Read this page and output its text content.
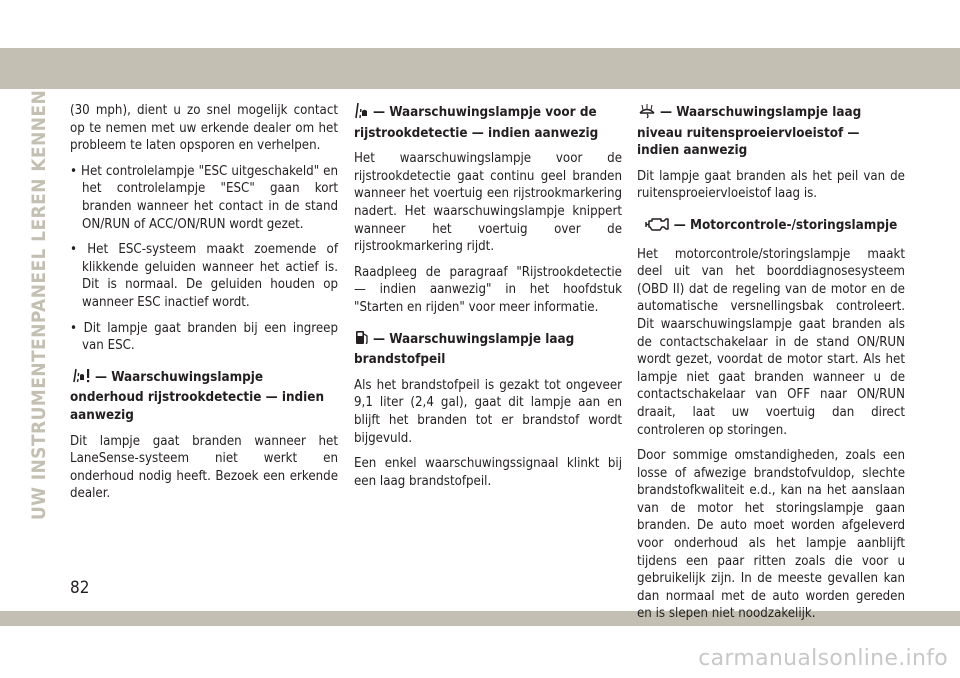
UW INSTRUMENTENPANEEL LEREN KENNEN (30 mph), dient u zo snel mogelijk contact op te nemen met uw erkende dealer om het probleem te laten opsporen en verhelpen.

• Het controlelampje "ESC uitgeschakeld" en het controlelampje "ESC" gaan kort branden wanneer het contact in de stand ON/RUN of ACC/ON/RUN wordt gezet.

• Het ESC-systeem maakt zoemende of klikkende geluiden wanneer het actief is. Dit is normaal. De geluiden houden op wanneer ESC inactief wordt.

• Dit lampje gaat branden bij een ingreep van ESC.

— Waarschuwingslampje onderhoud rijstrookdetectie — indien aanwezig

Dit lampje gaat branden wanneer het LaneSense-systeem niet werkt en onderhoud nodig heeft. Bezoek een erkende dealer.

— Waarschuwingslampje voor de rijstrookdetectie — indien aanwezig

Het waarschuwingslampje voor de rijstrookdetectie gaat continu geel branden wanneer het voertuig een rijstrookmarkering nadert. Het waarschuwingslampje knippert wanneer het voertuig over de rijstrookmarkering rijdt.

Raadpleeg de paragraaf "Rijstrookdetectie — indien aanwezig" in het hoofdstuk "Starten en rijden" voor meer informatie.

— Waarschuwingslampje laag brandstofpeil

Als het brandstofpeil is gezakt tot ongeveer 9,1 liter (2,4 gal), gaat dit lampje aan en blijft het branden tot er brandstof wordt bijgevuld.

Een enkel waarschuwingssignaal klinkt bij een laag brandstofpeil.

— Waarschuwingslampje laag niveau ruitensproeiervloeistof — indien aanwezig

Dit lampje gaat branden als het peil van de ruitensproeiervloeistof laag is.

— Motorcontrole-/storingslampje

Het motorcontrole/storingslampje maakt deel uit van het boorddiagnosesysteem (OBD II) dat de regeling van de motor en de automatische versnellingsbak controleert. Dit waarschuwingslampje gaat branden als de contactschakelaar in de stand ON/RUN wordt gezet, voordat de motor start. Als het lampje niet gaat branden wanneer u de contactschakelaar van OFF naar ON/RUN draait, laat uw voertuig dan direct controleren op storingen.

Door sommige omstandigheden, zoals een losse of afwezige brandstofvuldop, slechte brandstofkwaliteit e.d., kan na het aanslaan van de motor het storingslampje gaan branden. De auto moet worden afgeleverd voor onderhoud als het lampje aanblijft tijdens een paar ritten zoals die voor u gebruikelijk zijn. In de meeste gevallen kan dan normaal met de auto worden gereden en is slepen niet noodzakelijk.

82
carmanualsonline.info
